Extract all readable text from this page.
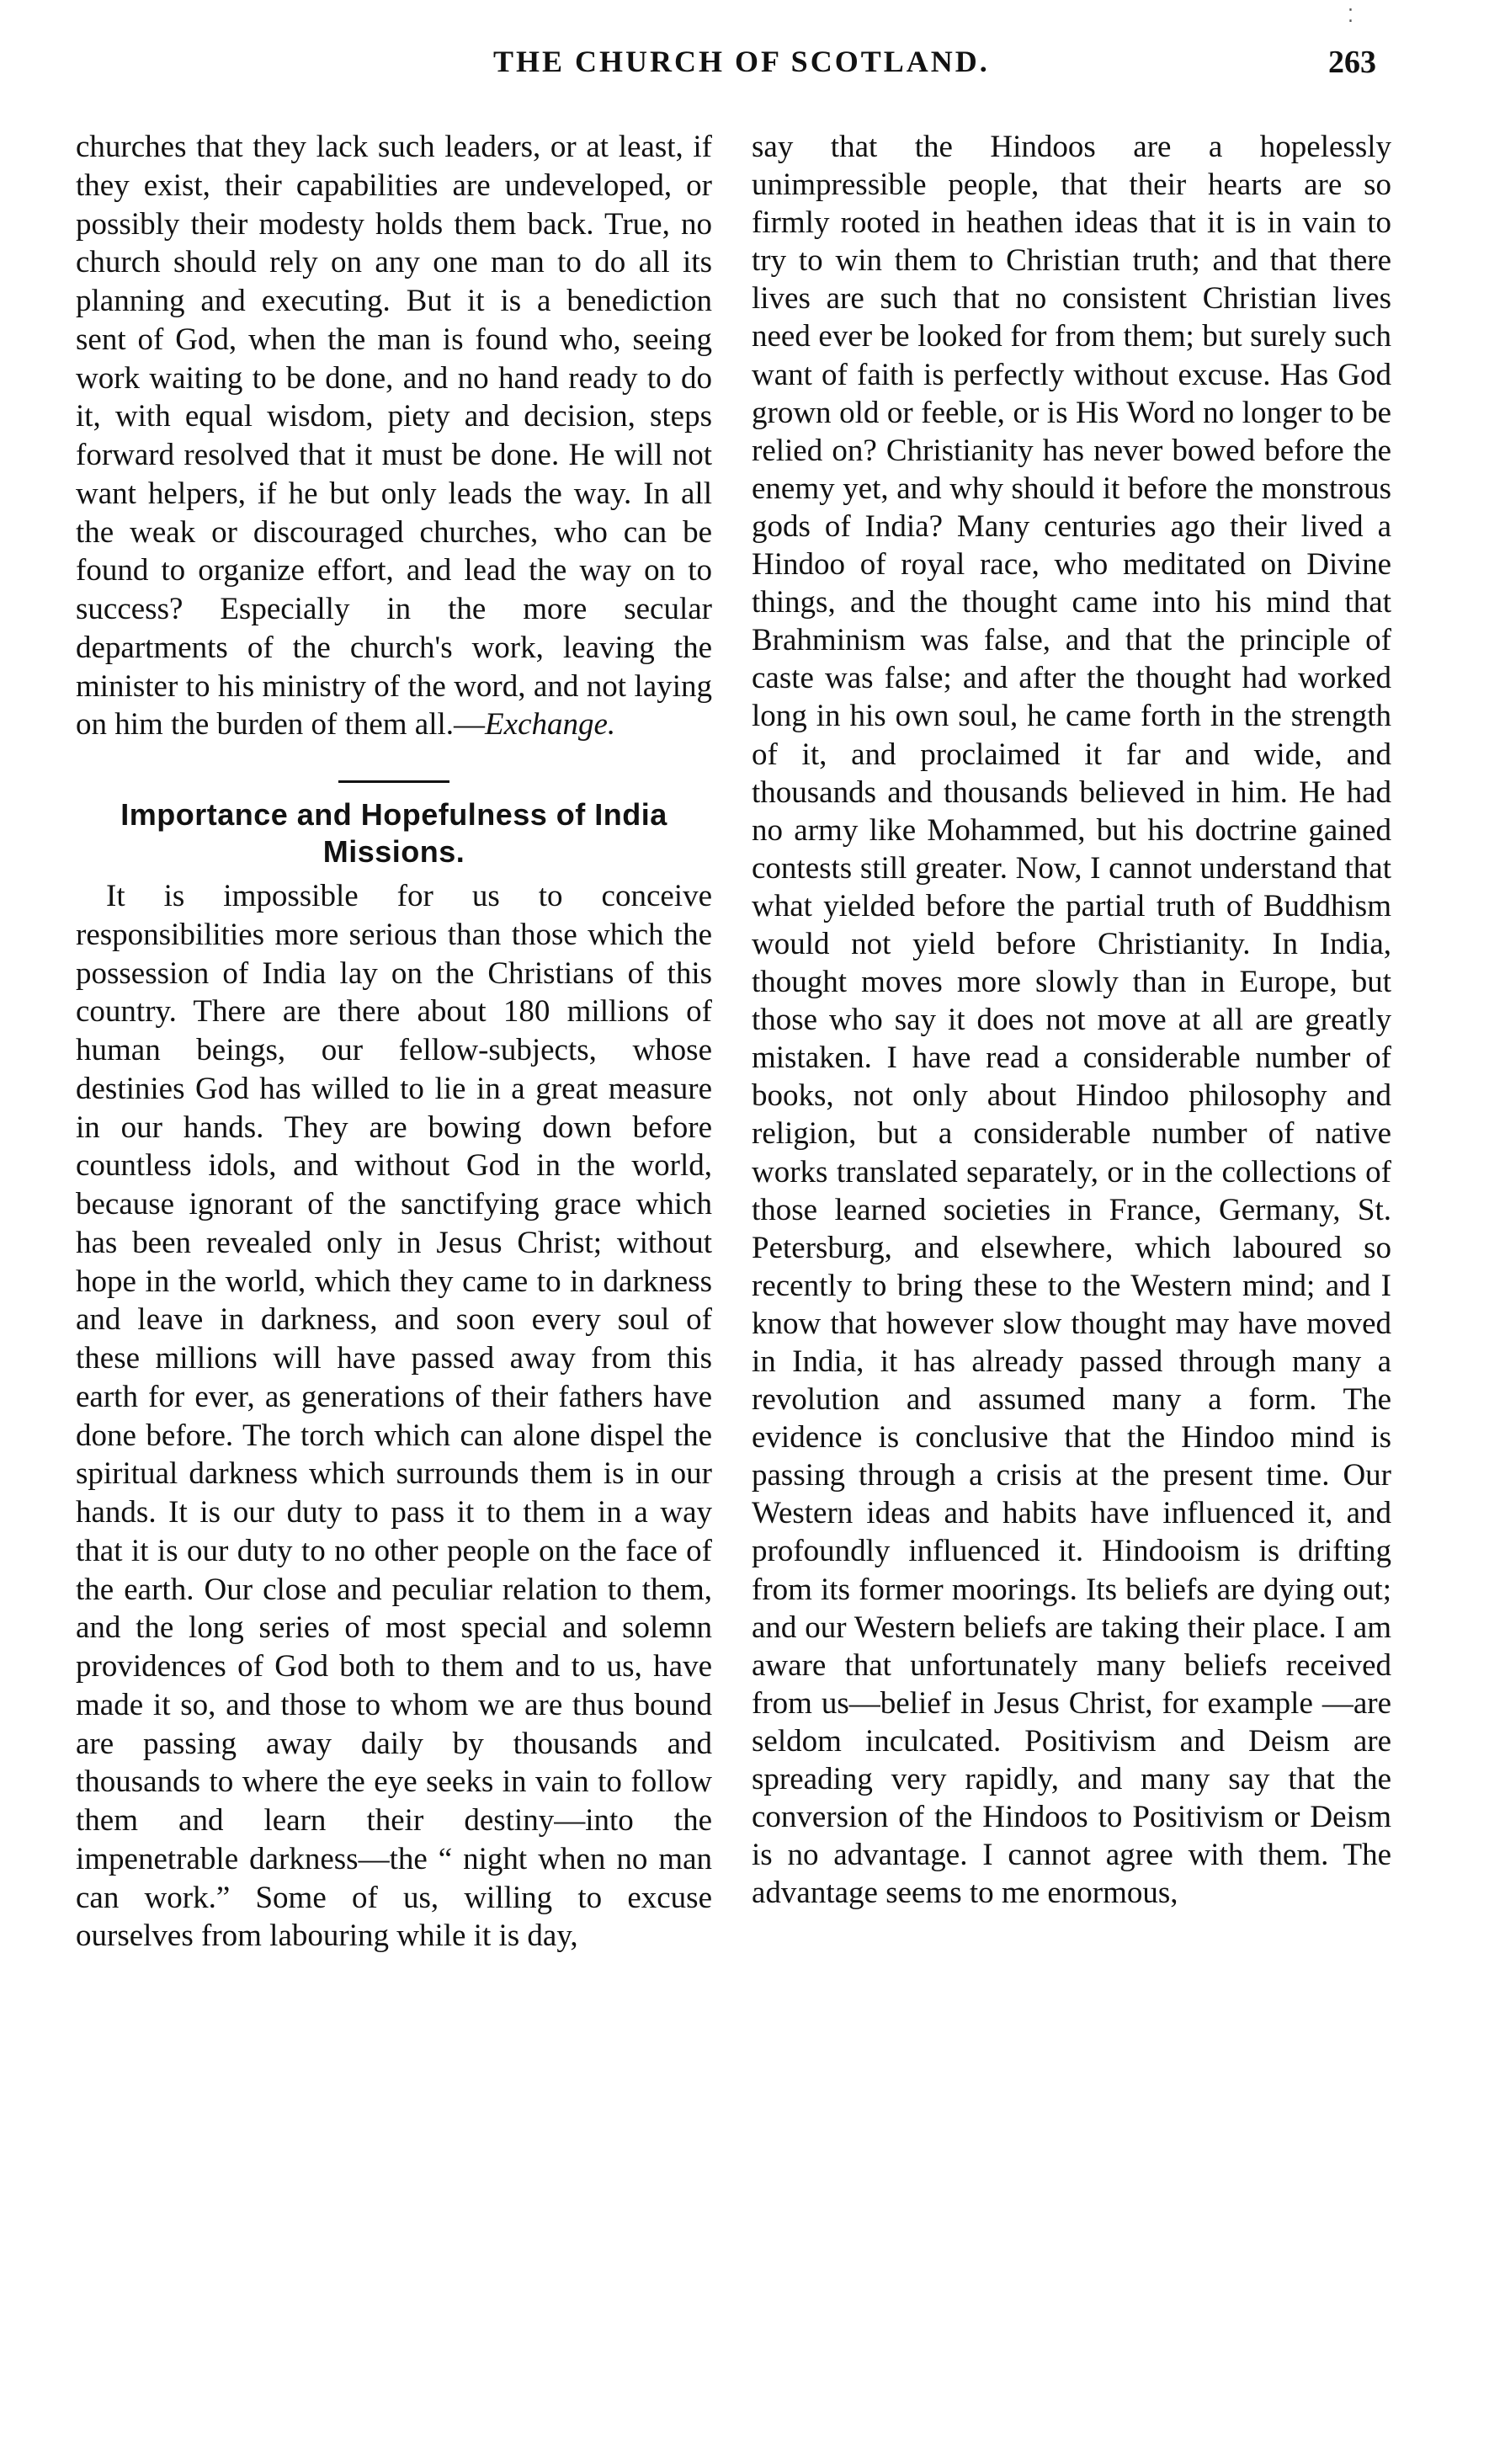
⁚
THE CHURCH OF SCOTLAND.	263

churches that they lack such leaders, or at least, if they exist, their capabilities are undeveloped, or possibly their modesty holds them back. True, no church should rely on any one man to do all its planning and executing. But it is a benediction sent of God, when the man is found who, seeing work waiting to be done, and no hand ready to do it, with equal wisdom, piety and decision, steps forward resolved that it must be done. He will not want helpers, if he but only leads the way. In all the weak or discouraged churches, who can be found to organize effort, and lead the way on to success? Especially in the more secular departments of the church's work, leaving the minister to his ministry of the word, and not laying on him the burden of them all.—Exchange.

Importance and Hopefulness of India Missions.

It is impossible for us to conceive responsibilities more serious than those which the possession of India lay on the Christians of this country. There are there about 180 millions of human beings, our fellow-subjects, whose destinies God has willed to lie in a great measure in our hands. They are bowing down before countless idols, and without God in the world, because ignorant of the sanctifying grace which has been revealed only in Jesus Christ; without hope in the world, which they came to in darkness and leave in darkness, and soon every soul of these millions will have passed away from this earth for ever, as generations of their fathers have done before. The torch which can alone dispel the spiritual darkness which surrounds them is in our hands. It is our duty to pass it to them in a way that it is our duty to no other people on the face of the earth. Our close and peculiar relation to them, and the long series of most special and solemn providences of God both to them and to us, have made it so, and those to whom we are thus bound are passing away daily by thousands and thousands to where the eye seeks in vain to follow them and learn their destiny—into the impenetrable darkness—the “ night when no man can work.” Some of us, willing to excuse ourselves from labouring while it is day,

say that the Hindoos are a hopelessly unimpressible people, that their hearts are so firmly rooted in heathen ideas that it is in vain to try to win them to Christian truth; and that there lives are such that no consistent Christian lives need ever be looked for from them; but surely such want of faith is perfectly without excuse. Has God grown old or feeble, or is His Word no longer to be relied on? Christianity has never bowed before the enemy yet, and why should it before the monstrous gods of India? Many centuries ago their lived a Hindoo of royal race, who meditated on Divine things, and the thought came into his mind that Brahminism was false, and that the principle of caste was false; and after the thought had worked long in his own soul, he came forth in the strength of it, and proclaimed it far and wide, and thousands and thousands believed in him. He had no army like Mohammed, but his doctrine gained contests still greater. Now, I cannot understand that what yielded before the partial truth of Buddhism would not yield before Christianity. In India, thought moves more slowly than in Europe, but those who say it does not move at all are greatly mistaken. I have read a considerable number of books, not only about Hindoo philosophy and religion, but a considerable number of native works translated separately, or in the collections of those learned societies in France, Germany, St. Petersburg, and elsewhere, which laboured so recently to bring these to the Western mind; and I know that however slow thought may have moved in India, it has already passed through many a revolution and assumed many a form. The evidence is conclusive that the Hindoo mind is passing through a crisis at the present time. Our Western ideas and habits have influenced it, and profoundly influenced it. Hindooism is drifting from its former moorings. Its beliefs are dying out; and our Western beliefs are taking their place. I am aware that unfortunately many beliefs received from us—belief in Jesus Christ, for example —are seldom inculcated. Positivism and Deism are spreading very rapidly, and many say that the conversion of the Hindoos to Positivism or Deism is no advantage. I cannot agree with them. The advantage seems to me enormous,
